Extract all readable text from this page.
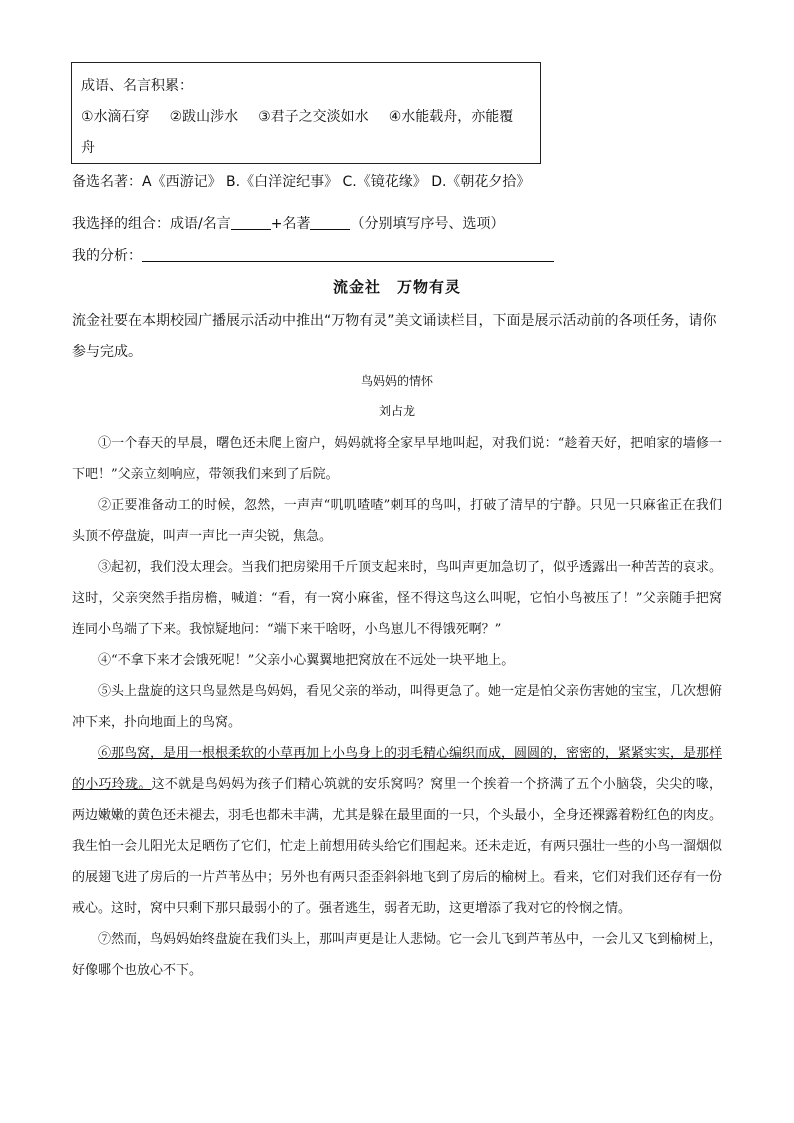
成语、名言积累：
①水滴石穿 ②跋山涉水 ③君子之交淡如水 ④水能载舟，亦能覆
舟
备选名著：A《西游记》 B.《白洋淀纪事》 C.《镜花缘》 D.《朝花夕拾》
我选择的组合：成语/名言	+名著	（分别填写序号、选项）
我的分析：
流金社　万物有灵
流金社要在本期校园广播展示活动中推出“万物有灵”美文诵读栏目，下面是展示活动前的各项任务，请你参与完成。
鸟妈妈的情怀
刘占龙

①一个春天的早晨，曙色还未爬上窗户，妈妈就将全家早早地叫起，对我们说：“趁着天好，把咱家的墙修一下吧！”父亲立刻响应，带领我们来到了后院。

②正要准备动工的时候，忽然，一声声“叽叽喳喳”刺耳的鸟叫，打破了清早的宁静。只见一只麻雀正在我们头顶不停盘旋，叫声一声比一声尖锐，焦急。

③起初，我们没太理会。当我们把房梁用千斤顶支起来时，鸟叫声更加急切了，似乎透露出一种苦苦的哀求。这时，父亲突然手指房檐，喊道：“看，有一窝小麻雀，怪不得这鸟这么叫呢，它怕小鸟被压了！”父亲随手把窝连同小鸟端了下来。我惊疑地问：“端下来干啥呀，小鸟崽儿不得饿死啊？”

④“不拿下来才会饿死呢！”父亲小心翼翼地把窝放在不远处一块平地上。

⑤头上盘旋的这只鸟显然是鸟妈妈，看见父亲的举动，叫得更急了。她一定是怕父亲伤害她的宝宝，几次想俯冲下来，扑向地面上的鸟窝。

⑥那鸟窝，是用一根根柔软的小草再加上小鸟身上的羽毛精心编织而成，圆圆的，密密的，紧紧实实，是那样的小巧玲珑。这不就是鸟妈妈为孩子们精心筑就的安乐窝吗？窝里一个挨着一个挤满了五个小脑袋，尖尖的喙，两边嫩嫩的黄色还未褪去，羽毛也都未丰满，尤其是躲在最里面的一只，个头最小，全身还裸露着粉红色的肉皮。我生怕一会儿阳光太足晒伤了它们，忙走上前想用砖头给它们围起来。还未走近，有两只强壮一些的小鸟一溜烟似的展翅飞进了房后的一片芦苇丛中；另外也有两只歪歪斜斜地飞到了房后的榆树上。看来，它们对我们还存有一份戒心。这时，窝中只剩下那只最弱小的了。强者逃生，弱者无助，这更增添了我对它的怜悯之情。

⑦然而，鸟妈妈始终盘旋在我们头上，那叫声更是让人悲恸。它一会儿飞到芦苇丛中，一会儿又飞到榆树上，好像哪个也放心不下。
